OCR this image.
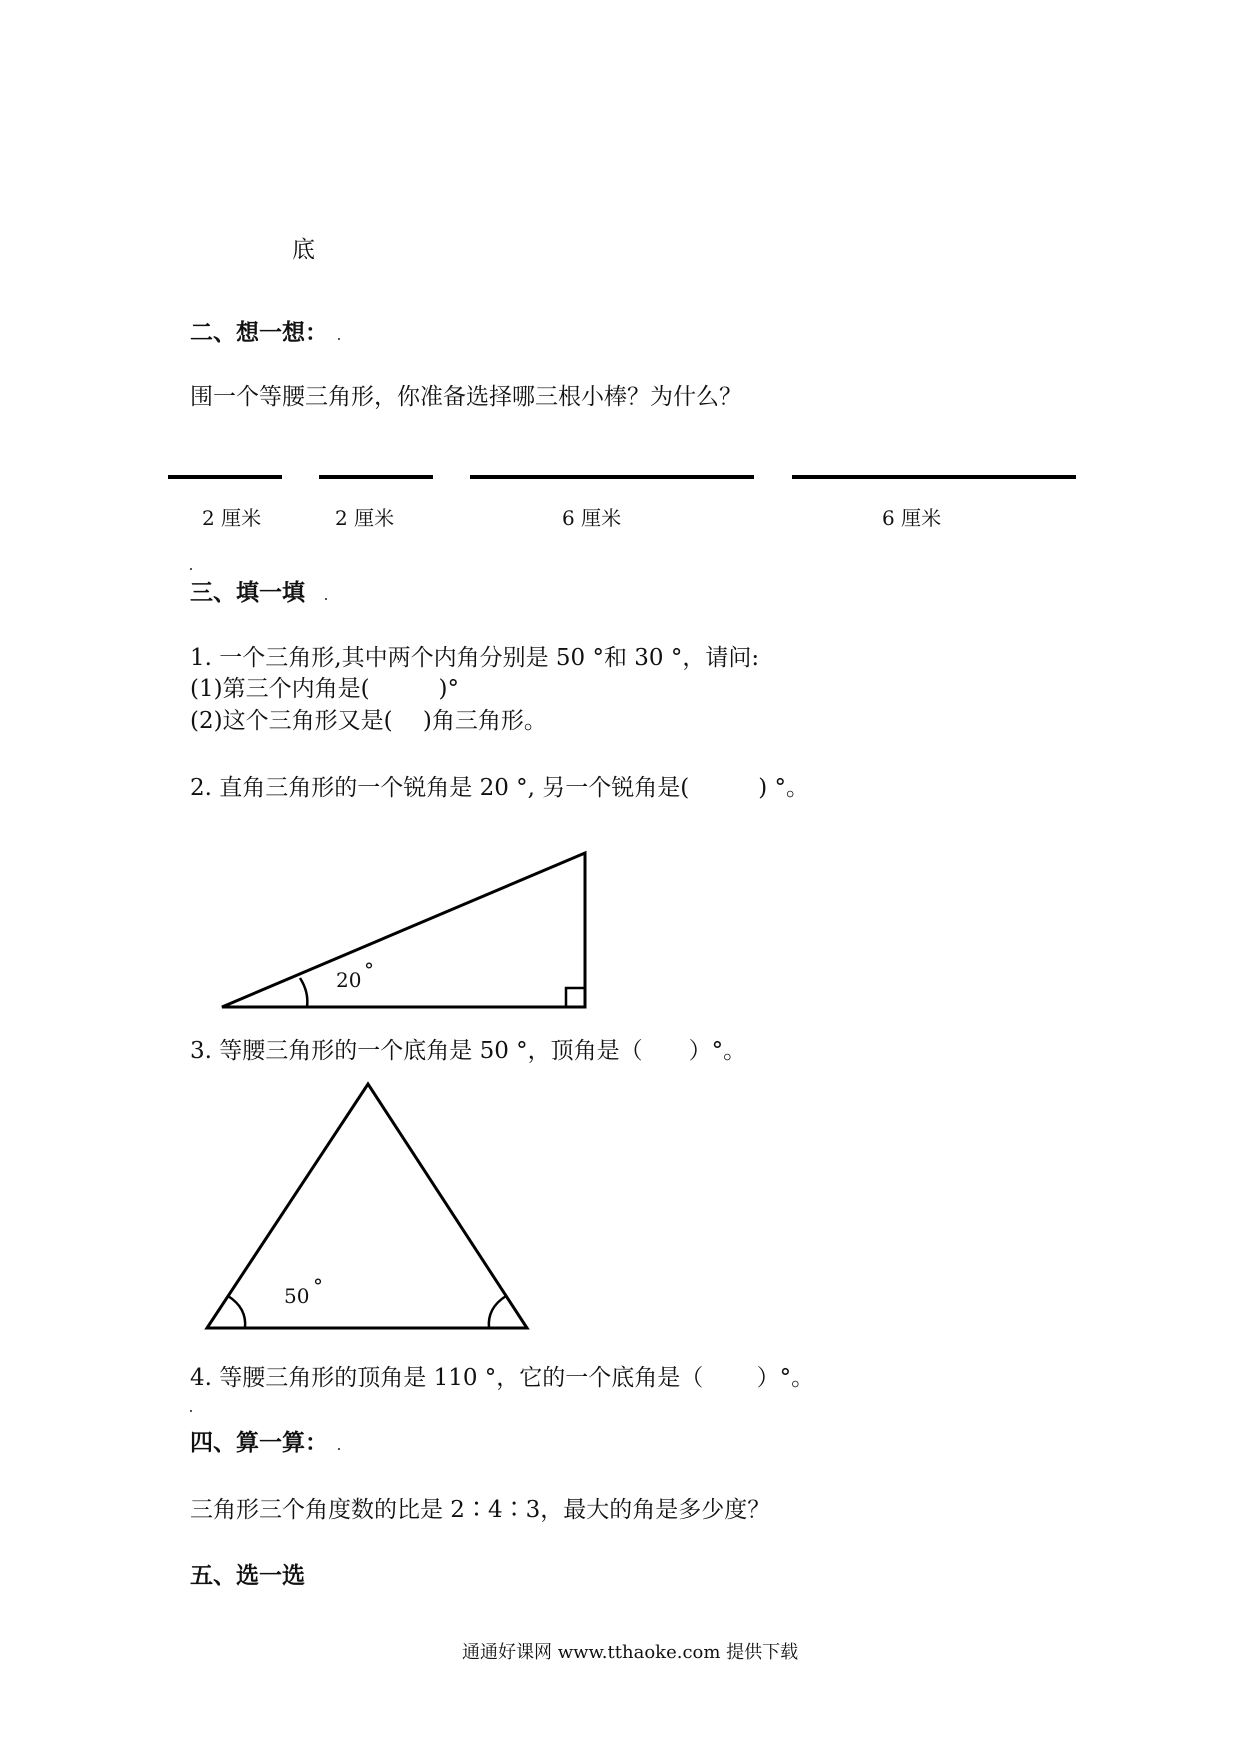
底
二、想一想：
围一个等腰三角形，你准备选择哪三根小棒？为什么？
2 厘米	2 厘米	6 厘米	6 厘米
三、填一填
1. 一个三角形,其中两个内角分别是 50 °和 30 °，请问:
(1)第三个内角是(　　　)°
(2)这个三角形又是(　 )角三角形。
2. 直角三角形的一个锐角是 20 °, 另一个锐角是(　　　) °。
20 °
3. 等腰三角形的一个底角是 50 °，顶角是（　　）°。
50 °
4. 等腰三角形的顶角是 110 °，它的一个底角是（　　 ）°。
四、算一算：
三角形三个角度数的比是 2∶4∶3，最大的角是多少度？
五、选一选
通通好课网 www.tthaoke.com 提供下载
